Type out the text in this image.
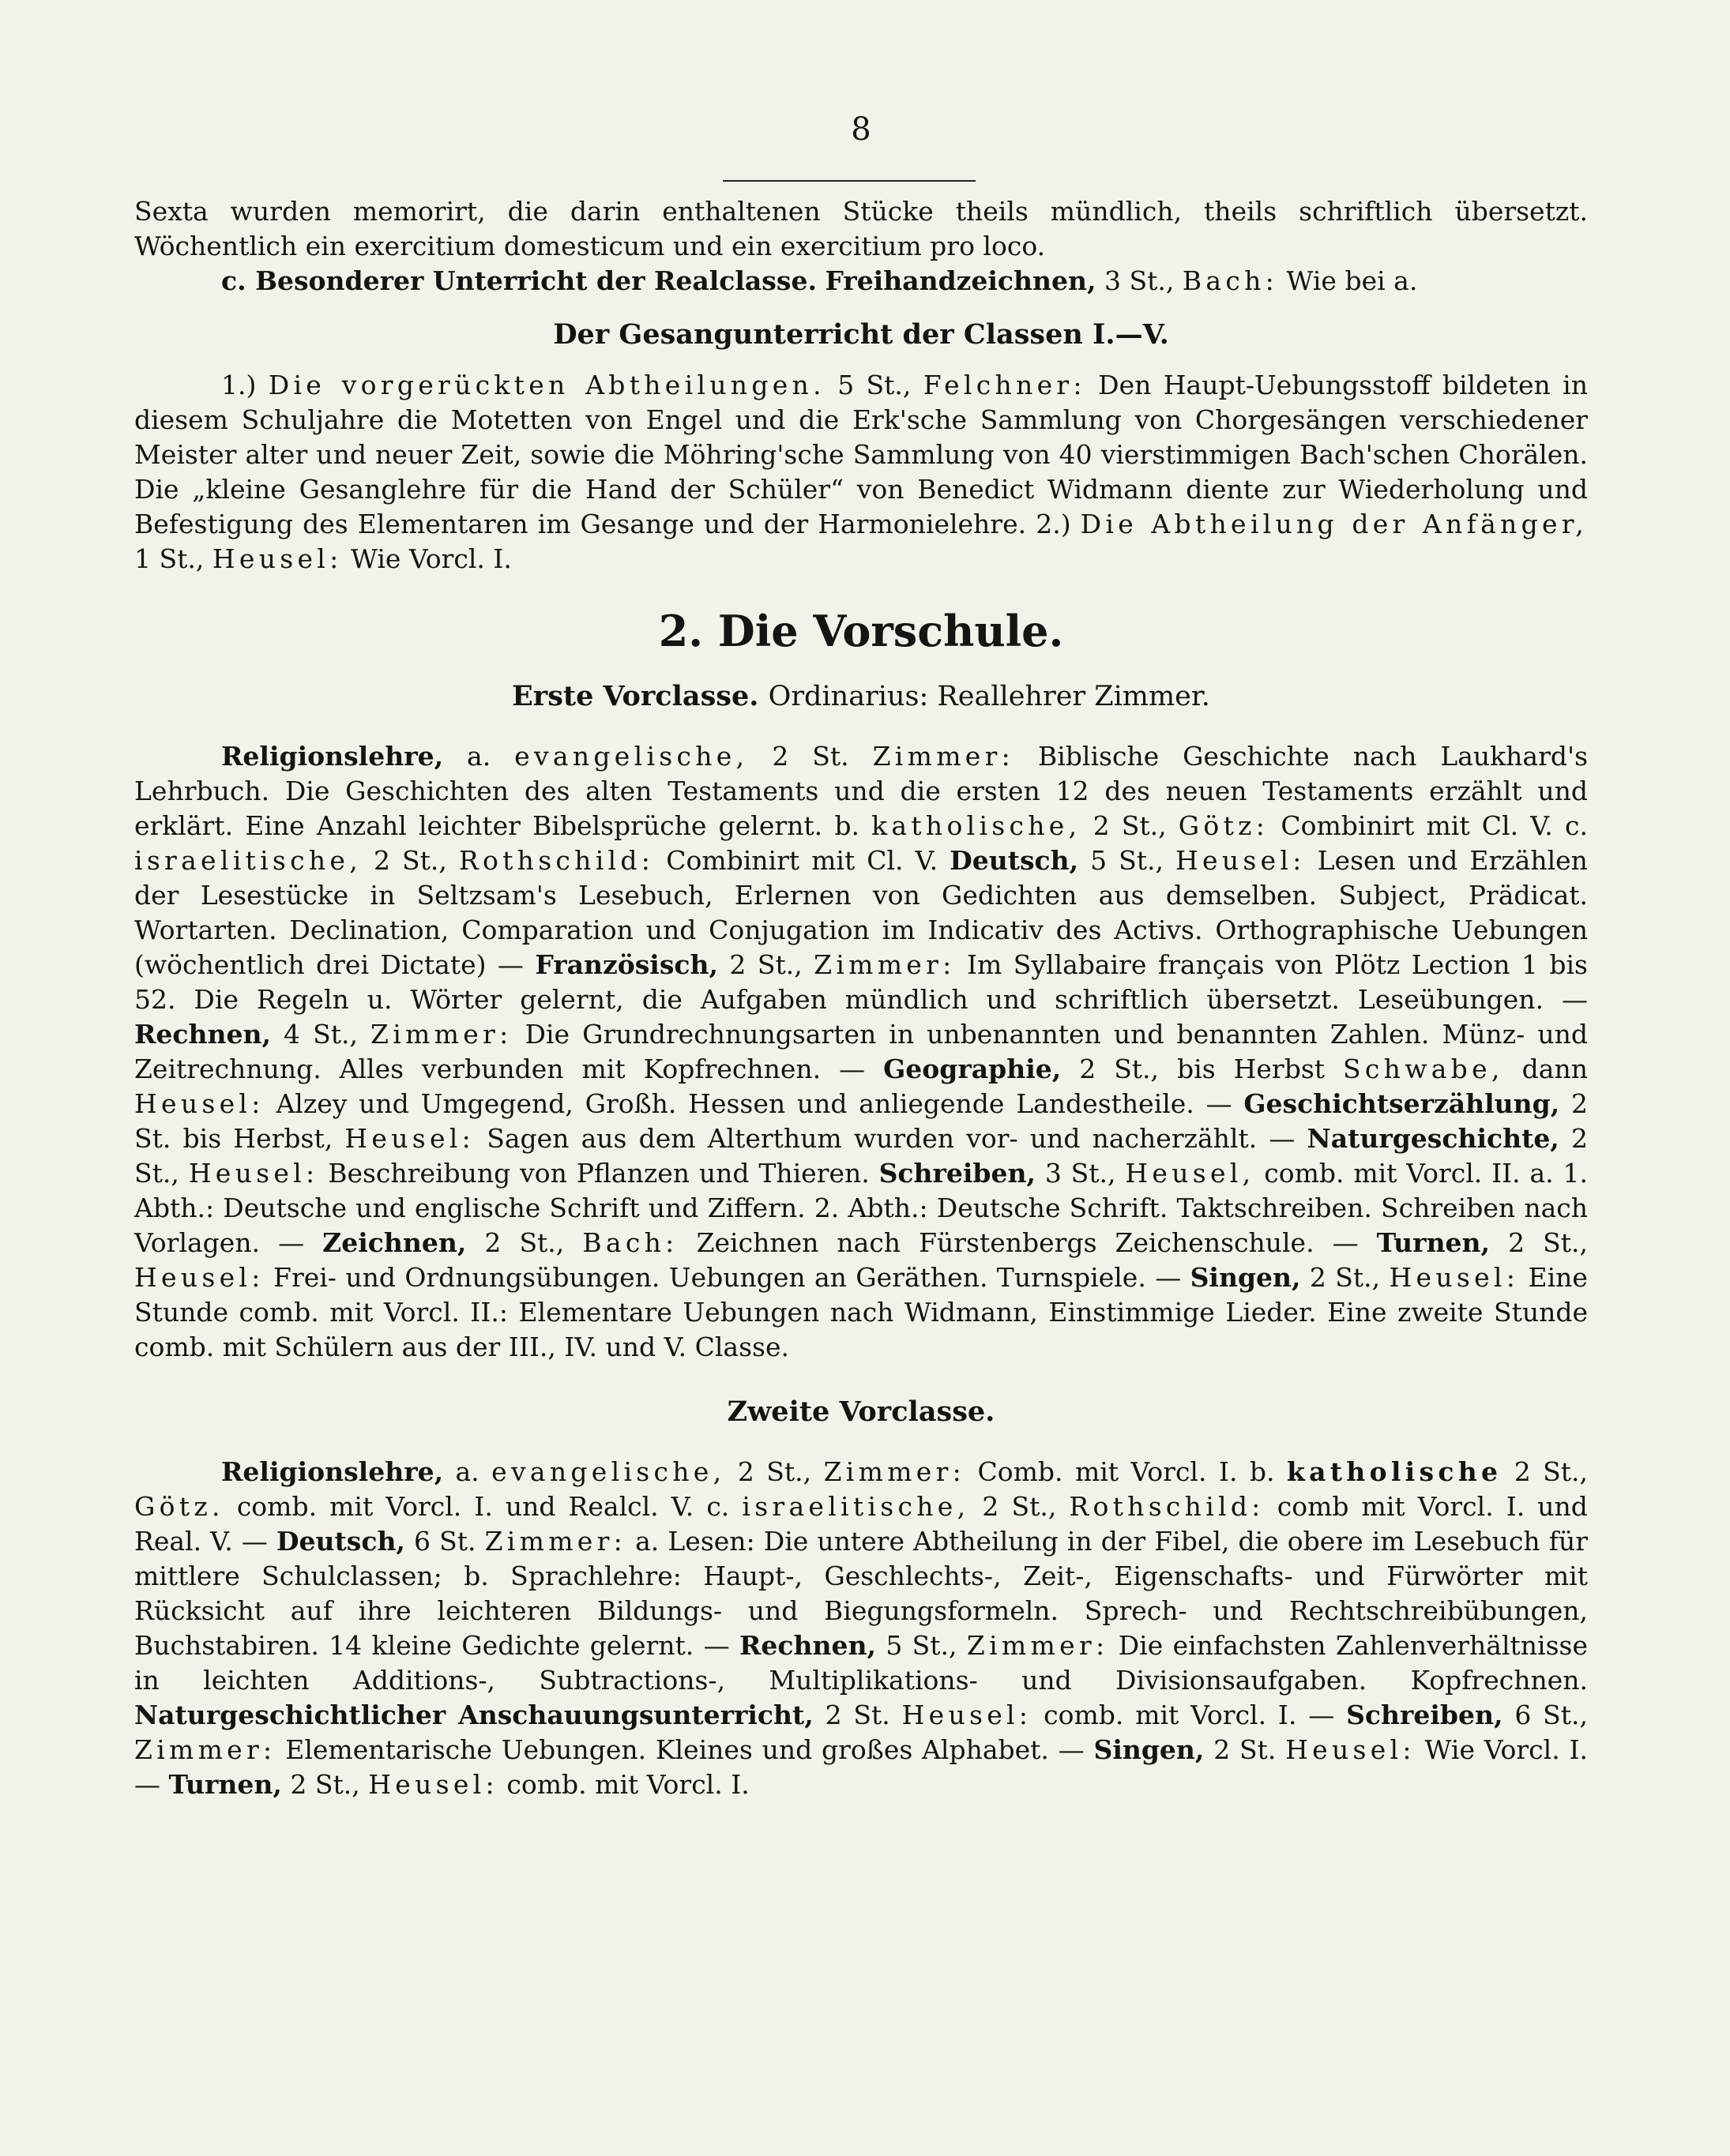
8

Sexta wurden memorirt, die darin enthaltenen Stücke theils mündlich, theils schriftlich übersetzt. Wöchentlich ein exercitium domesticum und ein exercitium pro loco.

c. Besonderer Unterricht der Realclasse. Freihandzeichnen, 3 St., Bach: Wie bei a.

Der Gesangunterricht der Classen I.—V.

1.) Die vorgerückten Abtheilungen. 5 St., Felchner: Den Haupt-Uebungsstoff bildeten in diesem Schuljahre die Motetten von Engel und die Erk'sche Sammlung von Chorgesängen verschiedener Meister alter und neuer Zeit, sowie die Möhring'sche Sammlung von 40 vierstimmigen Bach'schen Chorälen. Die „kleine Gesanglehre für die Hand der Schüler“ von Benedict Widmann diente zur Wiederholung und Befestigung des Elementaren im Gesange und der Harmonielehre. 2.) Die Abtheilung der Anfänger, 1 St., Heusel: Wie Vorcl. I.

2. Die Vorschule.
Erste Vorclasse. Ordinarius: Reallehrer Zimmer.

Religionslehre, a. evangelische, 2 St. Zimmer: Biblische Geschichte nach Laukhard's Lehrbuch. Die Geschichten des alten Testaments und die ersten 12 des neuen Testaments erzählt und erklärt. Eine Anzahl leichter Bibelsprüche gelernt. b. katholische, 2 St., Götz: Combinirt mit Cl. V. c. israelitische, 2 St., Rothschild: Combinirt mit Cl. V. Deutsch, 5 St., Heusel: Lesen und Erzählen der Lesestücke in Seltzsam's Lesebuch, Erlernen von Gedichten aus demselben. Subject, Prädicat. Wortarten. Declination, Comparation und Conjugation im Indicativ des Activs. Orthographische Uebungen (wöchentlich drei Dictate) — Französisch, 2 St., Zimmer: Im Syllabaire français von Plötz Lection 1 bis 52. Die Regeln u. Wörter gelernt, die Aufgaben mündlich und schriftlich übersetzt. Leseübungen. — Rechnen, 4 St., Zimmer: Die Grundrechnungsarten in unbenannten und benannten Zahlen. Münz- und Zeitrechnung. Alles verbunden mit Kopfrechnen. — Geographie, 2 St., bis Herbst Schwabe, dann Heusel: Alzey und Umgegend, Großh. Hessen und anliegende Landestheile. — Geschichtserzählung, 2 St. bis Herbst, Heusel: Sagen aus dem Alterthum wurden vor- und nacherzählt. — Naturgeschichte, 2 St., Heusel: Beschreibung von Pflanzen und Thieren. Schreiben, 3 St., Heusel, comb. mit Vorcl. II. a. 1. Abth.: Deutsche und englische Schrift und Ziffern. 2. Abth.: Deutsche Schrift. Taktschreiben. Schreiben nach Vorlagen. — Zeichnen, 2 St., Bach: Zeichnen nach Fürstenbergs Zeichenschule. — Turnen, 2 St., Heusel: Frei- und Ordnungsübungen. Uebungen an Geräthen. Turnspiele. — Singen, 2 St., Heusel: Eine Stunde comb. mit Vorcl. II.: Elementare Uebungen nach Widmann, Einstimmige Lieder. Eine zweite Stunde comb. mit Schülern aus der III., IV. und V. Classe.

Zweite Vorclasse.

Religionslehre, a. evangelische, 2 St., Zimmer: Comb. mit Vorcl. I. b. katholische 2 St., Götz. comb. mit Vorcl. I. und Realcl. V. c. israelitische, 2 St., Rothschild: comb mit Vorcl. I. und Real. V. — Deutsch, 6 St. Zimmer: a. Lesen: Die untere Abtheilung in der Fibel, die obere im Lesebuch für mittlere Schulclassen; b. Sprachlehre: Haupt-, Geschlechts-, Zeit-, Eigenschafts- und Fürwörter mit Rücksicht auf ihre leichteren Bildungs- und Biegungsformeln. Sprech- und Rechtschreibübungen, Buchstabiren. 14 kleine Gedichte gelernt. — Rechnen, 5 St., Zimmer: Die einfachsten Zahlenverhältnisse in leichten Additions-, Subtractions-, Multiplikations- und Divisionsaufgaben. Kopfrechnen. Naturgeschichtlicher Anschauungsunterricht, 2 St. Heusel: comb. mit Vorcl. I. — Schreiben, 6 St., Zimmer: Elementarische Uebungen. Kleines und großes Alphabet. — Singen, 2 St. Heusel: Wie Vorcl. I. — Turnen, 2 St., Heusel: comb. mit Vorcl. I.
